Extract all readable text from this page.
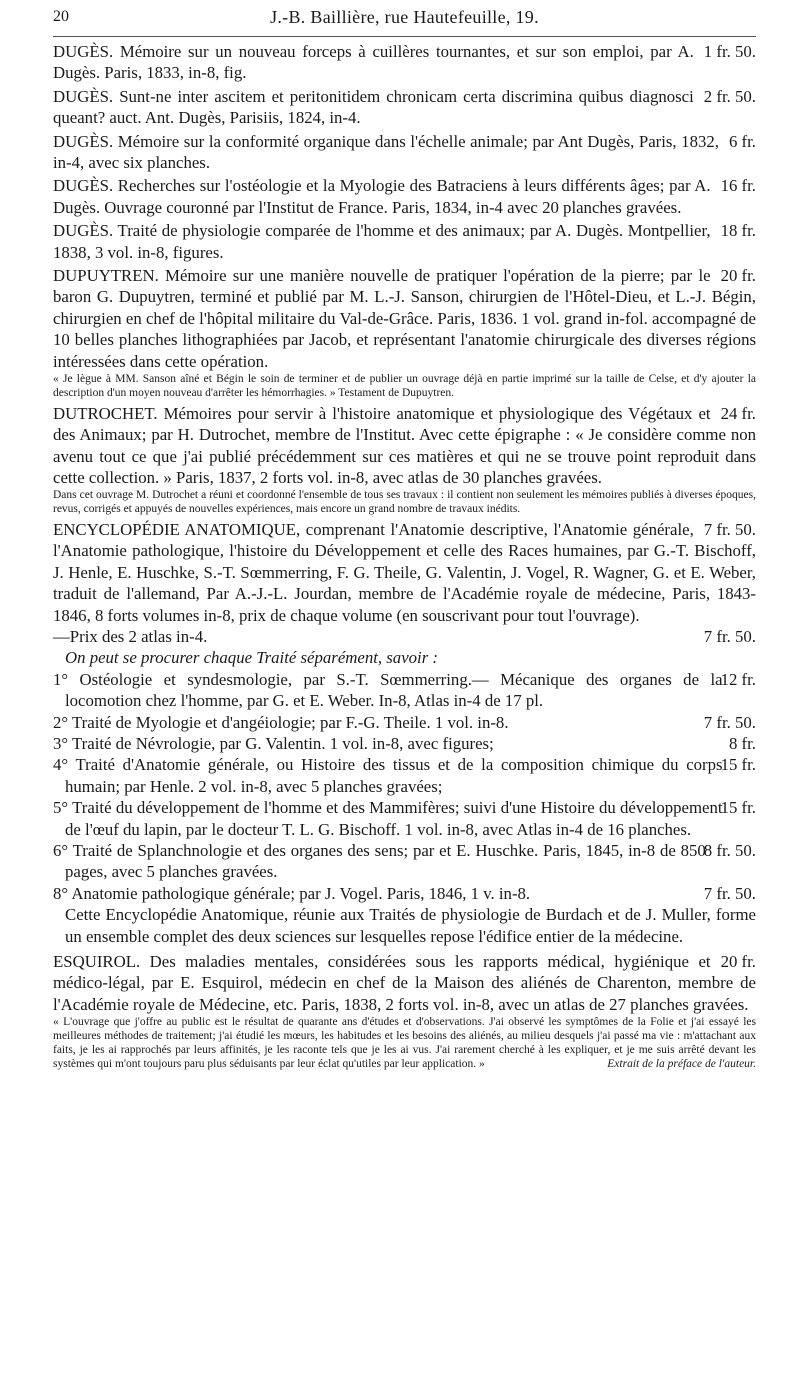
20	J.-B. Baillière, rue Hautefeuille, 19.

1 fr. 50.
DUGÈS. Mémoire sur un nouveau forceps à cuillères tournantes, et sur son emploi, par A. Dugès. Paris, 1833, in-8, fig.

2 fr. 50.
DUGÈS. Sunt-ne inter ascitem et peritonitidem chronicam certa discrimina quibus diagnosci queant? auct. Ant. Dugès, Parisiis, 1824, in-4.

6 fr.
DUGÈS. Mémoire sur la conformité organique dans l'échelle animale; par Ant Dugès, Paris, 1832, in-4, avec six planches.

16 fr.
DUGÈS. Recherches sur l'ostéologie et la Myologie des Batraciens à leurs différents âges; par A. Dugès. Ouvrage couronné par l'Institut de France. Paris, 1834, in-4 avec 20 planches gravées.

18 fr.
DUGÈS. Traité de physiologie comparée de l'homme et des animaux; par A. Dugès. Montpellier, 1838, 3 vol. in-8, figures.

20 fr.
DUPUYTREN. Mémoire sur une manière nouvelle de pratiquer l'opération de la pierre; par le baron G. Dupuytren, terminé et publié par M. L.-J. Sanson, chirurgien de l'Hôtel-Dieu, et L.-J. Bégin, chirurgien en chef de l'hôpital militaire du Val-de-Grâce. Paris, 1836. 1 vol. grand in-fol. accompagné de 10 belles planches lithographiées par Jacob, et représentant l'anatomie chirurgicale des diverses régions intéressées dans cette opération.

« Je lègue à MM. Sanson aîné et Bégin le soin de terminer et de publier un ouvrage déjà en partie imprimé sur la taille de Celse, et d'y ajouter la description d'un moyen nouveau d'arrêter les hémorrhagies. » Testament de Dupuytren.

24 fr.
DUTROCHET. Mémoires pour servir à l'histoire anatomique et physiologique des Végétaux et des Animaux; par H. Dutrochet, membre de l'Institut. Avec cette épigraphe : « Je considère comme non avenu tout ce que j'ai publié précédemment sur ces matières et qui ne se trouve point reproduit dans cette collection. » Paris, 1837, 2 forts vol. in-8, avec atlas de 30 planches gravées.

Dans cet ouvrage M. Dutrochet a réuni et coordonné l'ensemble de tous ses travaux : il contient non seulement les mémoires publiés à diverses époques, revus, corrigés et appuyés de nouvelles expériences, mais encore un grand nombre de travaux inédits.

7 fr. 50.
ENCYCLOPÉDIE ANATOMIQUE, comprenant l'Anatomie descriptive, l'Anatomie générale, l'Anatomie pathologique, l'histoire du Développement et celle des Races humaines, par G.-T. Bischoff, J. Henle, E. Huschke, S.-T. Sœmmerring, F. G. Theile, G. Valentin, J. Vogel, R. Wagner, G. et E. Weber, traduit de l'allemand, Par A.-J.-L. Jourdan, membre de l'Académie royale de médecine, Paris, 1843-1846, 8 forts volumes in-8, prix de chaque volume (en souscrivant pour tout l'ouvrage).

7 fr. 50.
—Prix des 2 atlas in-4.

On peut se procurer chaque Traité séparément, savoir :

12 fr.
1° Ostéologie et syndesmologie, par S.-T. Sœmmerring.— Mécanique des organes de la locomotion chez l'homme, par G. et E. Weber. In-8, Atlas in-4 de 17 pl.

7 fr. 50.
2° Traité de Myologie et d'angéiologie; par F.-G. Theile. 1 vol. in-8.

8 fr.
3° Traité de Névrologie, par G. Valentin. 1 vol. in-8, avec figures;

15 fr.
4° Traité d'Anatomie générale, ou Histoire des tissus et de la composition chimique du corps humain; par Henle. 2 vol. in-8, avec 5 planches gravées;

15 fr.
5° Traité du développement de l'homme et des Mammifères; suivi d'une Histoire du développement de l'œuf du lapin, par le docteur T. L. G. Bischoff. 1 vol. in-8, avec Atlas in-4 de 16 planches.

8 fr. 50.
6° Traité de Splanchnologie et des organes des sens; par et E. Huschke. Paris, 1845, in-8 de 850 pages, avec 5 planches gravées.

7 fr. 50.
8° Anatomie pathologique générale; par J. Vogel. Paris, 1846, 1 v. in-8.

Cette Encyclopédie Anatomique, réunie aux Traités de physiologie de Burdach et de J. Muller, forme un ensemble complet des deux sciences sur lesquelles repose l'édifice entier de la médecine.

20 fr.
ESQUIROL. Des maladies mentales, considérées sous les rapports médical, hygiénique et médico-légal, par E. Esquirol, médecin en chef de la Maison des aliénés de Charenton, membre de l'Académie royale de Médecine, etc. Paris, 1838, 2 forts vol. in-8, avec un atlas de 27 planches gravées.

« L'ouvrage que j'offre au public est le résultat de quarante ans d'études et d'observations. J'ai observé les symptômes de la Folie et j'ai essayé les meilleures méthodes de traitement; j'ai étudié les mœurs, les habitudes et les besoins des aliénés, au milieu desquels j'ai passé ma vie : m'attachant aux faits, je les ai rapprochés par leurs affinités, je les raconte tels que je les ai vus. J'ai rarement cherché à les expliquer, et je me suis arrêté devant les systèmes qui m'ont toujours paru plus séduisants par leur éclat qu'utiles par leur application. »	Extrait de la préface de l'auteur.
